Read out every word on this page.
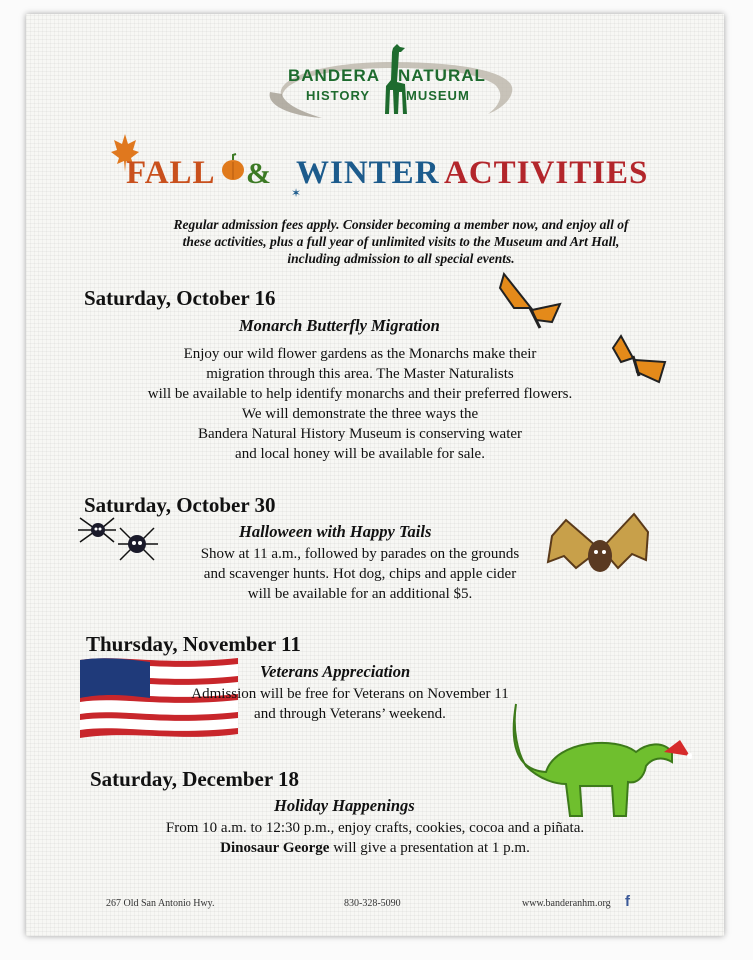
BANDERA NATURAL
HISTORY	MUSEUM
FALL & WINTER
✶
ACTIVITIES
Regular admission fees apply. Consider becoming a member now, and enjoy all of
these activities, plus a full year of unlimited visits to the Museum and Art Hall,
including admission to all special events.
Saturday, October 16
Monarch Butterfly Migration
Enjoy our wild flower gardens as the Monarchs make their
migration through this area. The Master Naturalists
will be available to help identify monarchs and their preferred flowers.
We will demonstrate the three ways the
Bandera Natural History Museum is conserving water
and local honey will be available for sale.
Saturday, October 30
Halloween with Happy Tails
Show at 11 a.m., followed by parades on the grounds
and scavenger hunts. Hot dog, chips and apple cider
will be available for an additional $5.
Thursday, November 11
Veterans Appreciation
Admission will be free for Veterans on November 11
and through Veterans’ weekend.
Saturday, December 18
Holiday Happenings
From 10 a.m. to 12:30 p.m., enjoy crafts, cookies, cocoa and a piñata.
Dinosaur George will give a presentation at 1 p.m.
267 Old San Antonio Hwy.	830-328-5090	www.banderanhm.org f
